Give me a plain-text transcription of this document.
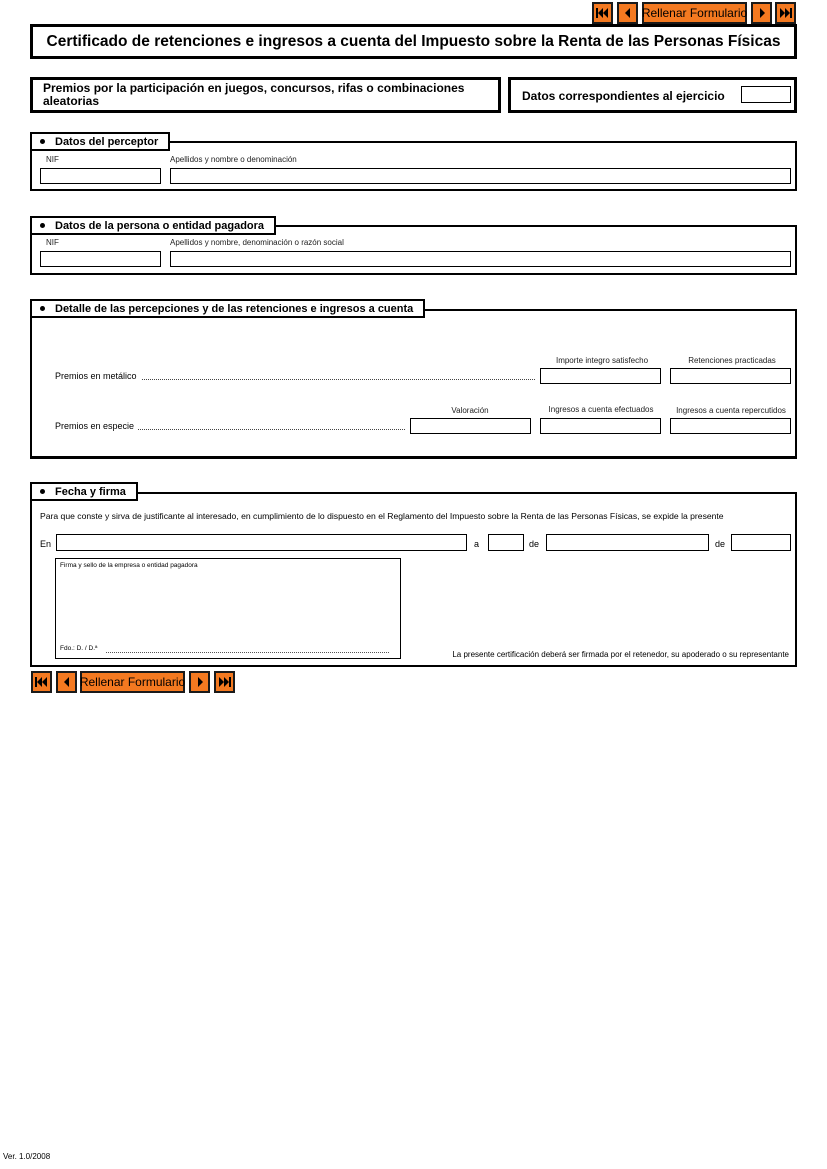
Rellenar Formulario
Certificado de retenciones e ingresos a cuenta del Impuesto sobre la Renta de las Personas Físicas
Premios por la participación en juegos, concursos, rifas o combinaciones aleatorias	Datos correspondientes al ejercicio
NIF	Apellidos y nombre o denominación
Datos del perceptor
NIF	Apellidos y nombre, denominación o razón social
Datos de la persona o entidad pagadora
Importe integro satisfecho	Retenciones practicadas
Premios en metálico
Valoración	Ingresos a cuenta efectuados	Ingresos a cuenta repercutidos
Premios en especie
Detalle de las percepciones y de las retenciones e ingresos a cuenta
Para que conste y sirva de justificante al interesado, en cumplimiento de lo dispuesto en el Reglamento del Impuesto sobre la Renta de las Personas Físicas, se expide la presente
En	a	de	de
Firma y sello de la empresa o entidad pagadora
Fdo.: D. / D.ª
La presente certificación deberá ser firmada por el retenedor, su apoderado o su representante
Fecha y firma
Rellenar Formulario
Ver. 1.0/2008
